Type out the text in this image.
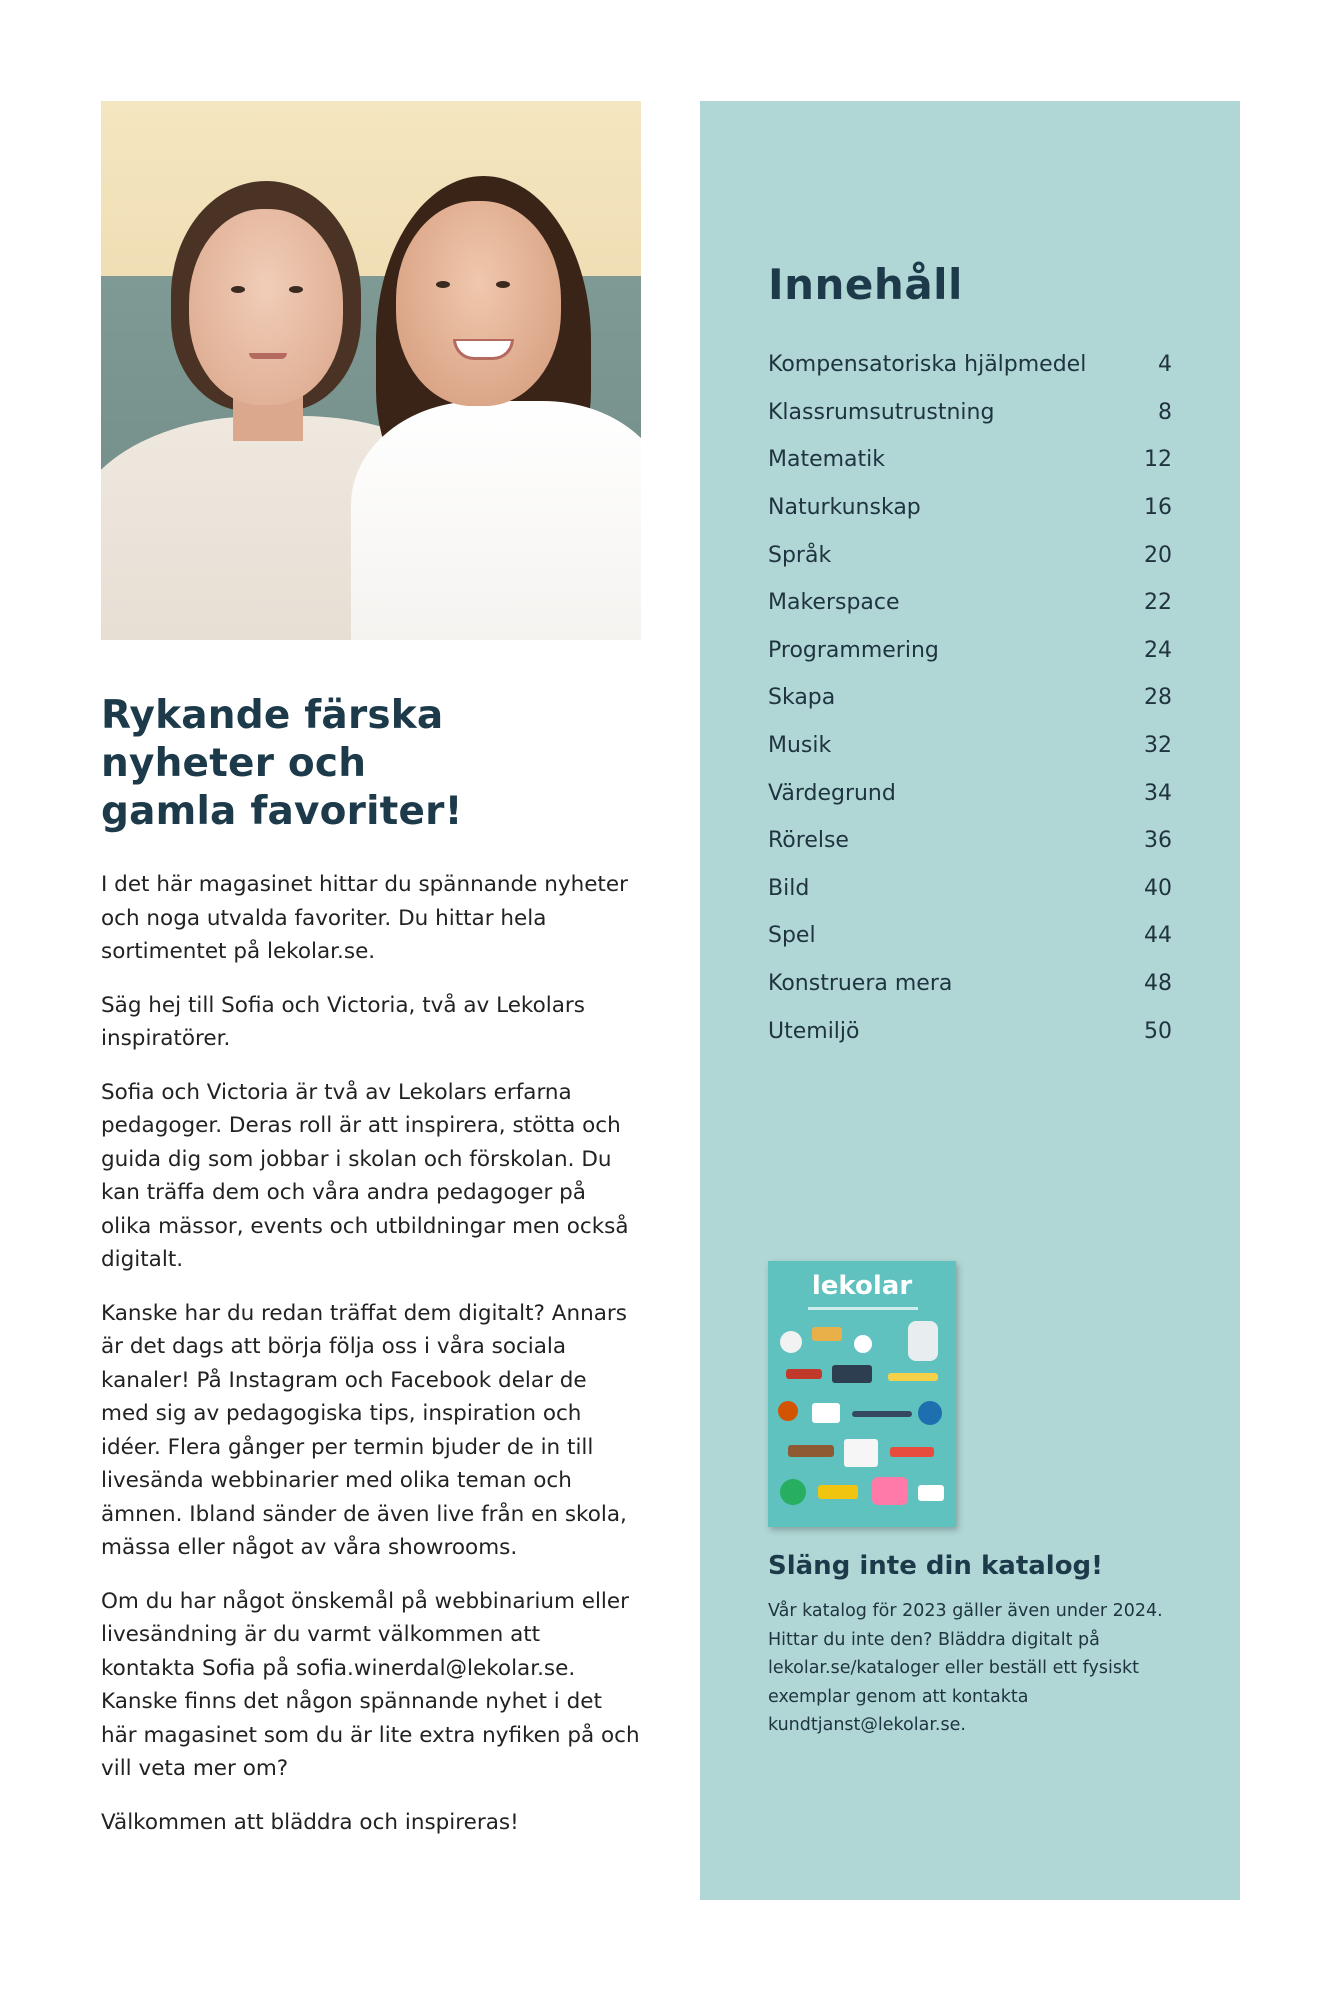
Rykande färska
nyheter och
gamla favoriter!

I det här magasinet hittar du spännande nyheter och noga utvalda favoriter. Du hittar hela sortimentet på lekolar.se.

Säg hej till Sofia och Victoria, två av Lekolars inspiratörer.

Sofia och Victoria är två av Lekolars erfarna pedagoger. Deras roll är att inspirera, stötta och guida dig som jobbar i skolan och förskolan. Du kan träffa dem och våra andra pedagoger på olika mässor, events och utbildningar men också digitalt.

Kanske har du redan träffat dem digitalt? Annars är det dags att börja följa oss i våra sociala kanaler! På Instagram och Facebook delar de med sig av pedagogiska tips, inspiration och idéer. Flera gånger per termin bjuder de in till livesända webbinarier med olika teman och ämnen. Ibland sänder de även live från en skola, mässa eller något av våra showrooms.

Om du har något önskemål på webbinarium eller livesändning är du varmt välkommen att kontakta Sofia på sofia.winerdal@lekolar.se. Kanske finns det någon spännande nyhet i det här magasinet som du är lite extra nyfiken på och vill veta mer om?

Välkommen att bläddra och inspireras!

Innehåll
Kompensatoriska hjälpmedel	4
Klassrumsutrustning	8
Matematik	12
Naturkunskap	16
Språk	20
Makerspace	22
Programmering	24
Skapa	28
Musik	32
Värdegrund	34
Rörelse	36
Bild	40
Spel	44
Konstruera mera	48
Utemiljö	50
lekolar
Släng inte din katalog!

Vår katalog för 2023 gäller även under 2024. Hittar du inte den? Bläddra digitalt på lekolar.se/kataloger eller beställ ett fysiskt exemplar genom att kontakta kundtjanst@lekolar.se.
